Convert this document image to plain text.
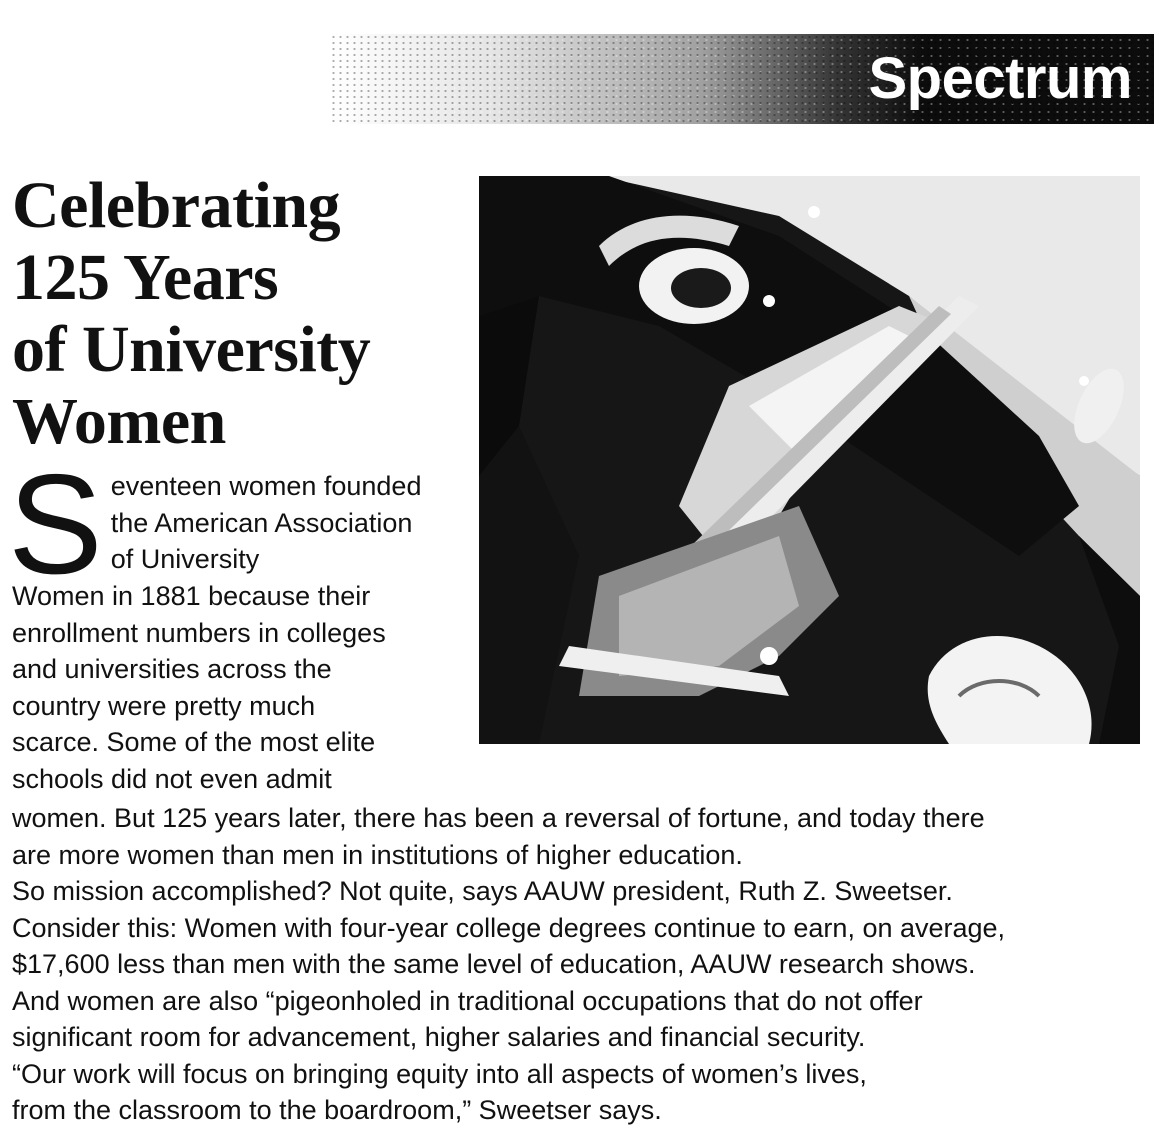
Spectrum
Celebrating
125 Years
of University
Women
S eventeen women founded
the American Association
of University
Women in 1881 because their
enrollment numbers in colleges
and universities across the
country were pretty much
scarce. Some of the most elite
schools did not even admit
women. But 125 years later, there has been a reversal of fortune, and today there
are more women than men in institutions of higher education.
So mission accomplished? Not quite, says AAUW president, Ruth Z. Sweetser.
Consider this: Women with four-year college degrees continue to earn, on average,
$17,600 less than men with the same level of education, AAUW research shows.
And women are also “pigeonholed in traditional occupations that do not offer
significant room for advancement, higher salaries and financial security.
“Our work will focus on bringing equity into all aspects of women’s lives,
from the classroom to the boardroom,” Sweetser says.
